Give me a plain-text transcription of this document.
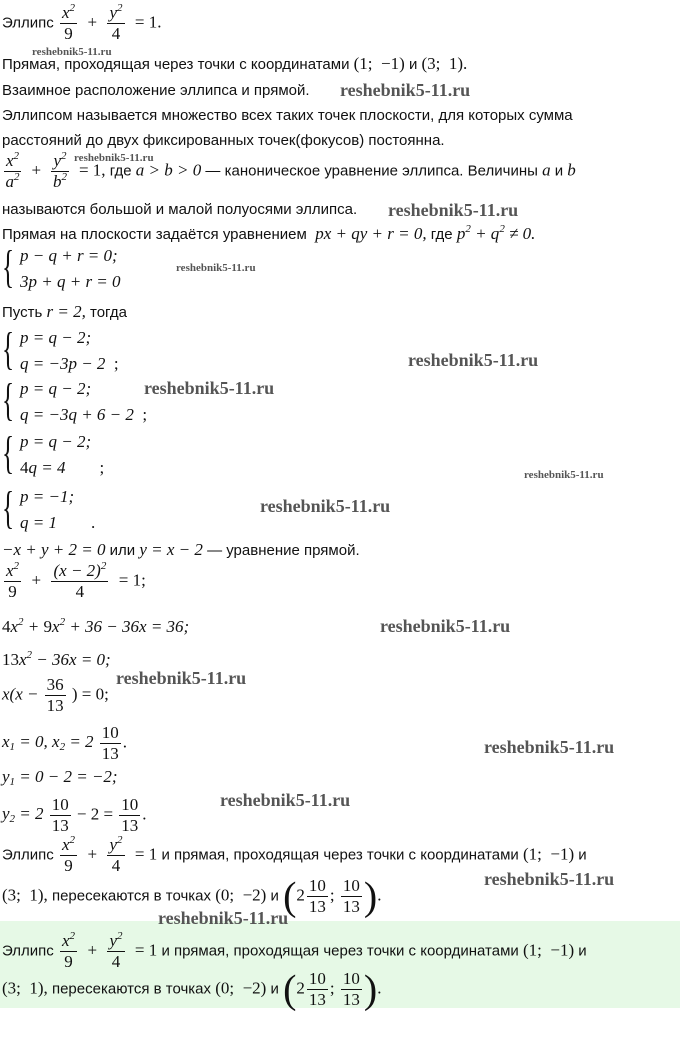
Эллипс $\frac{x^2}{9} + \frac{y^2}{4} = 1$.
reshebnik5-11.ru
Прямая, проходящая через точки с координатами (1;  −1) и (3;  1).
Взаимное расположение эллипса и прямой. reshebnik5-11.ru
Эллипсом называется множество всех таких точек плоскости, для которых сумма
расстояний до двух фиксированных точек(фокусов) постоянна.
$\frac{x^2}{a^2} + \frac{y^2}{b^2} = 1$, где a > b > 0 — каноническое уравнение эллипса. Величины a и b
reshebnik5-11.ru
называются большой и малой полуосями эллипса. reshebnik5-11.ru
Прямая на плоскости задаётся уравнением  px + qy + r = 0, где $p^2 + q^2 \ne 0$.
{ p − q + r = 0;
3p + q + r = 0
reshebnik5-11.ru
Пусть r = 2, тогда
{ p = q − 2;
q = −3p − 2  ;	reshebnik5-11.ru
{ p = q − 2;
q = −3q + 6 − 2  ;
reshebnik5-11.ru
{ p = q − 2;
4q = 4        ;	reshebnik5-11.ru
{ p = −1;
q = 1        .
reshebnik5-11.ru
−x + y + 2 = 0 или y = x − 2 — уравнение прямой.
$\frac{x^2}{9} + \frac{(x - 2)^2}{4} = 1$;
$4x^2 + 9x^2 + 36 - 36x = 36$;	reshebnik5-11.ru
$13x^2 - 36x = 0$;
$x(x - \frac{36}{13}$ ) = 0;
reshebnik5-11.ru
$x_1 = 0$, $x_2 = 2 \frac{10}{13}$ .	reshebnik5-11.ru
$y_1 = 0 - 2 = -2$;
$y_2 = 2 \frac{10}{13} - 2 = \frac{10}{13}$ .
reshebnik5-11.ru
Эллипс $\frac{x^2}{9} + \frac{y^2}{4} = 1$ и прямая, проходящая через точки с координатами (1;  −1) и
(3;  1), пересекаются в точках (0;  −2) и ($2 \frac{10}{13}$ ; $\frac{10}{13}$ ).
reshebnik5-11.ru
reshebnik5-11.ru
Эллипс $\frac{x^2}{9} + \frac{y^2}{4} = 1$ и прямая, проходящая через точки с координатами (1;  −1) и
(3;  1), пересекаются в точках (0;  −2) и ($2 \frac{10}{13}$ ; $\frac{10}{13}$ ).
